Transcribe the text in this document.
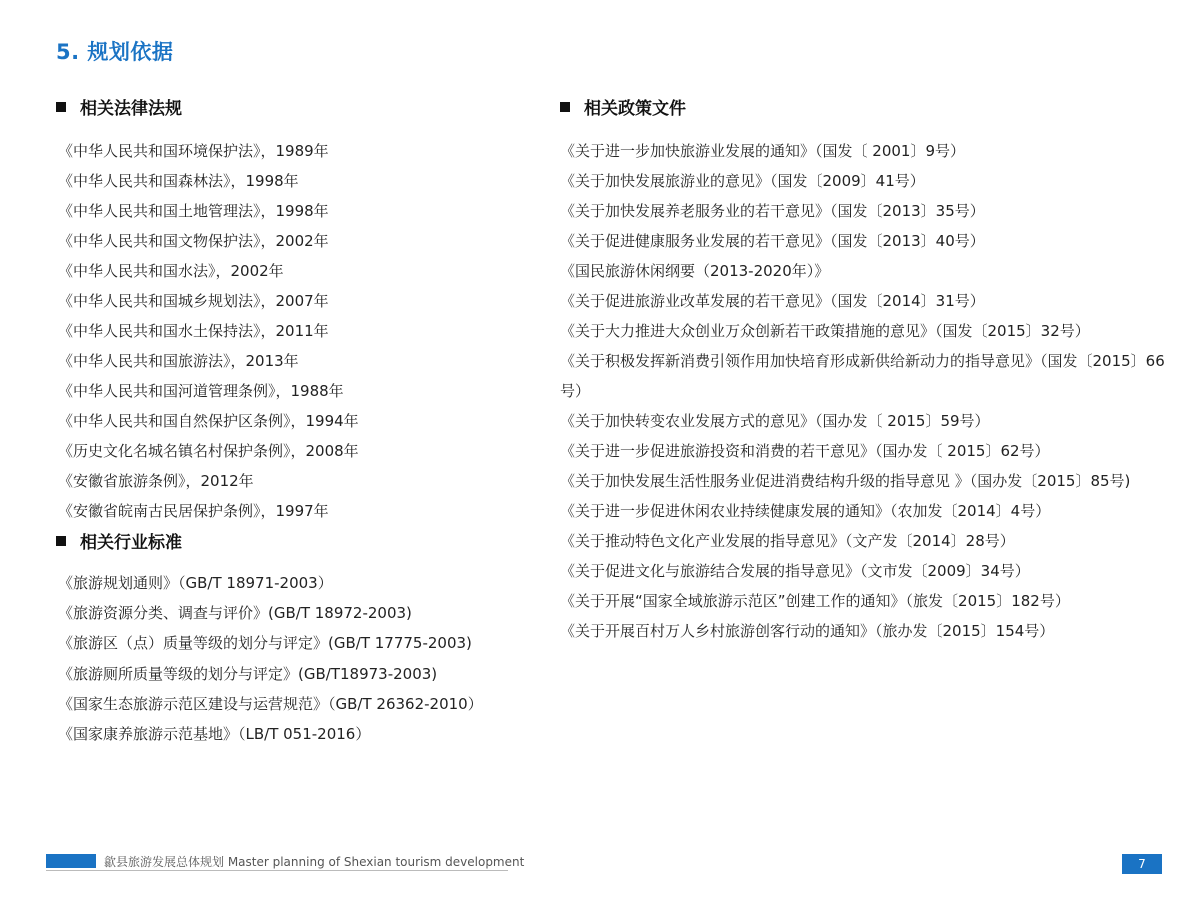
5. 规划依据
相关法律法规
《中华人民共和国环境保护法》，1989年
《中华人民共和国森林法》，1998年
《中华人民共和国土地管理法》，1998年
《中华人民共和国文物保护法》，2002年
《中华人民共和国水法》，2002年
《中华人民共和国城乡规划法》，2007年
《中华人民共和国水土保持法》，2011年
《中华人民共和国旅游法》，2013年
《中华人民共和国河道管理条例》，1988年
《中华人民共和国自然保护区条例》，1994年
《历史文化名城名镇名村保护条例》，2008年
《安徽省旅游条例》，2012年
《安徽省皖南古民居保护条例》，1997年
相关行业标准
《旅游规划通则》（GB/T 18971-2003）
《旅游资源分类、调查与评价》(GB/T 18972-2003)
《旅游区（点）质量等级的划分与评定》(GB/T 17775-2003)
《旅游厕所质量等级的划分与评定》(GB/T18973-2003)
《国家生态旅游示范区建设与运营规范》（GB/T 26362-2010）
《国家康养旅游示范基地》（LB/T 051-2016）
相关政策文件
《关于进一步加快旅游业发展的通知》（国发〔 2001〕9号）
《关于加快发展旅游业的意见》（国发〔2009〕41号）
《关于加快发展养老服务业的若干意见》（国发〔2013〕35号）
《关于促进健康服务业发展的若干意见》（国发〔2013〕40号）
《国民旅游休闲纲要（2013-2020年）》
《关于促进旅游业改革发展的若干意见》（国发〔2014〕31号）
《关于大力推进大众创业万众创新若干政策措施的意见》（国发〔2015〕32号）
《关于积极发挥新消费引领作用加快培育形成新供给新动力的指导意见》（国发〔2015〕66号）
《关于加快转变农业发展方式的意见》（国办发〔 2015〕59号）
《关于进一步促进旅游投资和消费的若干意见》（国办发〔 2015〕62号）
《关于加快发展生活性服务业促进消费结构升级的指导意见 》（国办发〔2015〕85号)
《关于进一步促进休闲农业持续健康发展的通知》（农加发〔2014〕4号）
《关于推动特色文化产业发展的指导意见》（文产发〔2014〕28号）
《关于促进文化与旅游结合发展的指导意见》（文市发〔2009〕34号）
《关于开展“国家全域旅游示范区”创建工作的通知》（旅发〔2015〕182号）
《关于开展百村万人乡村旅游创客行动的通知》（旅办发〔2015〕154号）
歙县旅游发展总体规划 Master planning of Shexian tourism development	7
